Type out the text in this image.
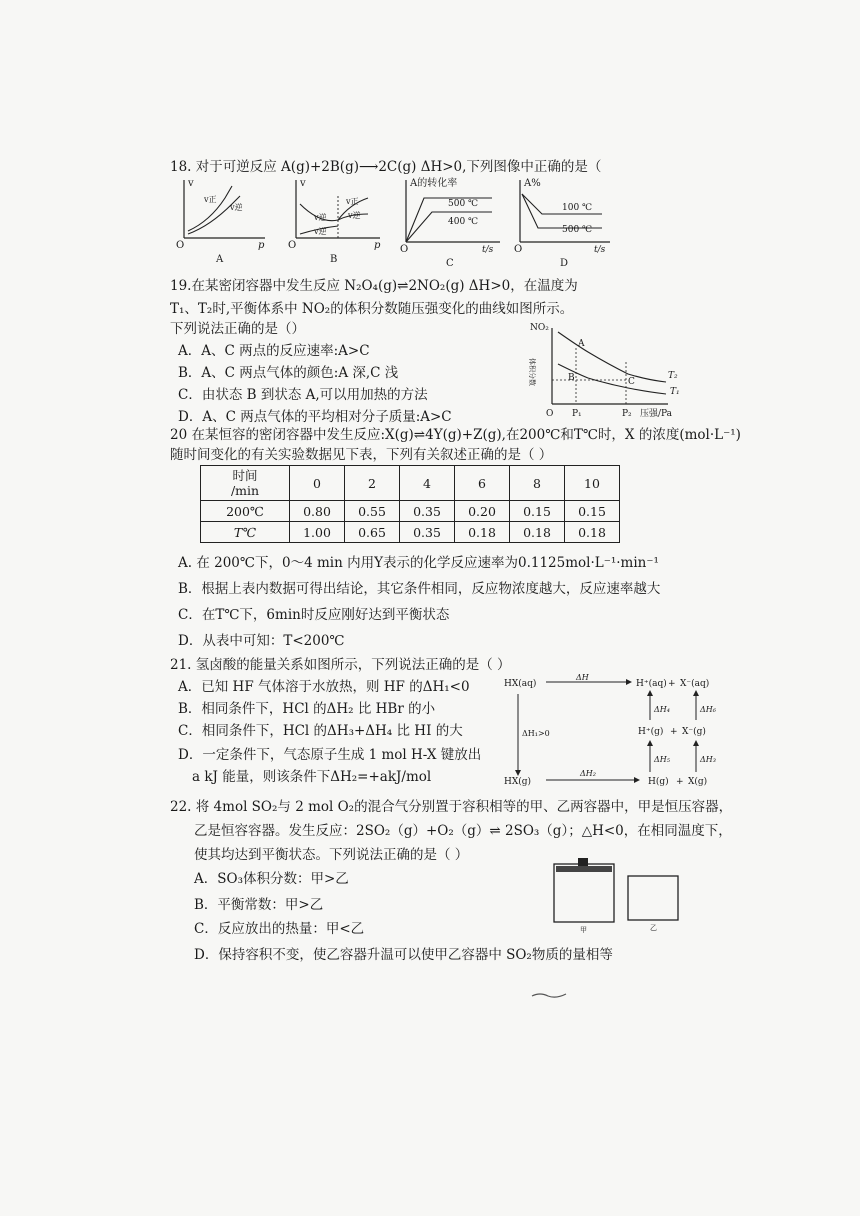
18. 对于可逆反应 A(g)+2B(g)⟶2C(g) ΔH>0,下列图像中正确的是（
v
v正
v逆
O	p
A
v
v逆
v逆
v正
v逆
O	p
B
A的转化率
500 ℃
400 ℃
O	t/s
C
A%
100 ℃
500 ℃
O	t/s
D
19.在某密闭容器中发生反应 N₂O₄(g)⇌2NO₂(g) ΔH>0，在温度为
T₁、T₂时,平衡体系中 NO₂的体积分数随压强变化的曲线如图所示。
下列说法正确的是（）
A．A、C 两点的反应速率:A>C
B．A、C 两点气体的颜色:A 深,C 浅
C．由状态 B 到状态 A,可以用加热的方法
D．A、C 两点气体的平均相对分子质量:A>C
NO₂
体积分数
A
B	C
T₂
T₁
O P₁	P₂ 压强/Pa
20 在某恒容的密闭容器中发生反应:X(g)⇌4Y(g)+Z(g),在200℃和T℃时，X 的浓度(mol·L⁻¹)
随时间变化的有关实验数据见下表，下列有关叙述正确的是（ ）
时间
/min	0	2	4	6	8	10
200℃	0.80	0.55	0.35	0.20	0.15	0.15
T℃	1.00	0.65	0.35	0.18	0.18	0.18
A. 在 200℃下，0～4 min 内用Y表示的化学反应速率为0.1125mol·L⁻¹·min⁻¹
B．根据上表内数据可得出结论，其它条件相同，反应物浓度越大，反应速率越大
C．在T℃下，6min时反应刚好达到平衡状态
D．从表中可知：T<200℃
21. 氢卤酸的能量关系如图所示，下列说法正确的是（ ）
A．已知 HF 气体溶于水放热，则 HF 的ΔH₁<0
B．相同条件下，HCl 的ΔH₂ 比 HBr 的小
C．相同条件下，HCl 的ΔH₃+ΔH₄ 比 HI 的大
D．一定条件下，气态原子生成 1 mol H-X 键放出
a kJ 能量，则该条件下ΔH₂=+akJ/mol
HX(aq)
ΔH
H⁺(aq) + X⁻(aq)
ΔH₄	ΔH₆
ΔH₁>0	H⁺(g) + X⁻(g)
ΔH₅	ΔH₃
HX(g)
ΔH₂
H(g) + X(g)
22. 将 4mol SO₂与 2 mol O₂的混合气分别置于容积相等的甲、乙两容器中，甲是恒压容器，
乙是恒容容器。发生反应：2SO₂（g）+O₂（g）⇌ 2SO₃（g）；△H<0，在相同温度下，
使其均达到平衡状态。下列说法正确的是（ ）
A．SO₃体积分数：甲>乙
B．平衡常数：甲>乙
C．反应放出的热量：甲<乙
D．保持容积不变，使乙容器升温可以使甲乙容器中 SO₂物质的量相等
甲	乙
